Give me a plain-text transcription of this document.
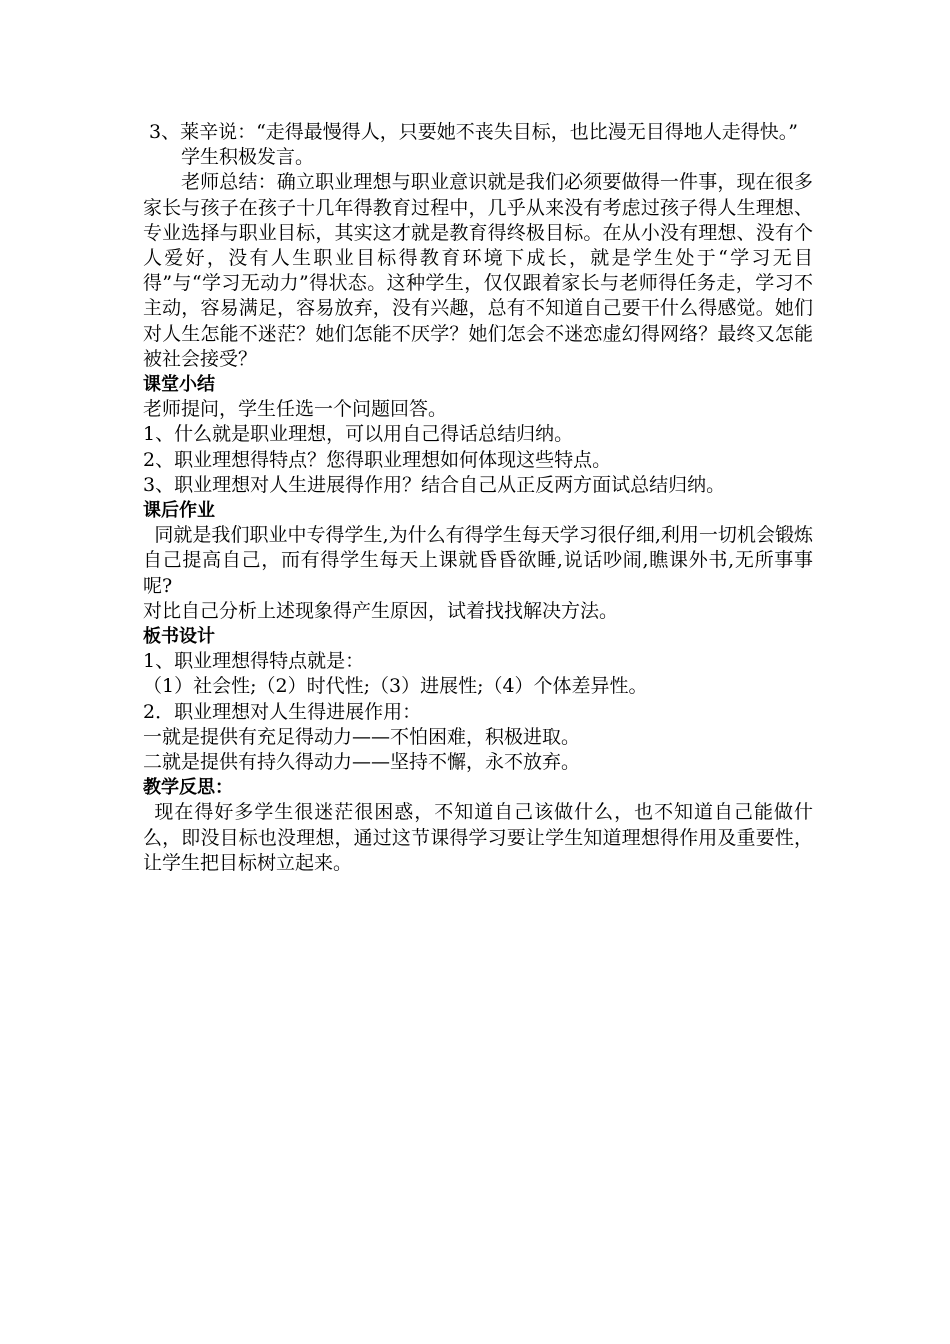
3、莱辛说：“走得最慢得人，只要她不丧失目标，也比漫无目得地人走得快。”

学生积极发言。

老师总结：确立职业理想与职业意识就是我们必须要做得一件事，现在很多家长与孩子在孩子十几年得教育过程中，几乎从来没有考虑过孩子得人生理想、专业选择与职业目标，其实这才就是教育得终极目标。在从小没有理想、没有个人爱好，没有人生职业目标得教育环境下成长，就是学生处于“学习无目得”与“学习无动力”得状态。这种学生，仅仅跟着家长与老师得任务走，学习不主动，容易满足，容易放弃，没有兴趣，总有不知道自己要干什么得感觉。她们对人生怎能不迷茫？她们怎能不厌学？她们怎会不迷恋虚幻得网络？最终又怎能被社会接受？

课堂小结

老师提问，学生任选一个问题回答。

1、什么就是职业理想，可以用自己得话总结归纳。

2、职业理想得特点？您得职业理想如何体现这些特点。

3、职业理想对人生进展得作用？结合自己从正反两方面试总结归纳。

课后作业

同就是我们职业中专得学生,为什么有得学生每天学习很仔细,利用一切机会锻炼自己提高自己，而有得学生每天上课就昏昏欲睡,说话吵闹,瞧课外书,无所事事呢?

对比自己分析上述现象得产生原因，试着找找解决方法。

板书设计

1、职业理想得特点就是：

（1）社会性;（2）时代性;（3）进展性;（4）个体差异性。

2．职业理想对人生得进展作用：

一就是提供有充足得动力——不怕困难，积极进取。

二就是提供有持久得动力——坚持不懈，永不放弃。

教学反思：

现在得好多学生很迷茫很困惑，不知道自己该做什么，也不知道自己能做什么，即没目标也没理想，通过这节课得学习要让学生知道理想得作用及重要性，让学生把目标树立起来。
